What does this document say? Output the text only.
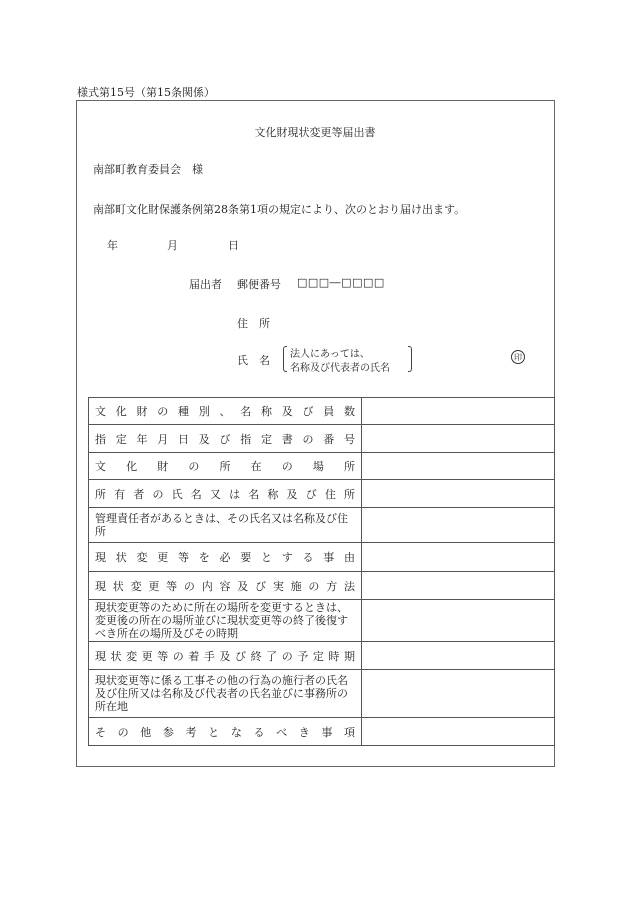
様式第15号（第15条関係）
文化財現状変更等届出書
南部町教育委員会　様
南部町文化財保護条例第28条第1項の規定により、次のとおり届け出ます。
年	月	日
届出者 郵便番号 □□□―□□□□
住　所
氏　名 法人にあっては、
名称及び代表者の氏名
印
文化財の種別、名称及び員数	
指定年月日及び指定書の番号	
文化財の所在の場所	
所有者の氏名又は名称及び住所	
管理責任者があるときは、その氏名又は名称及び住所	
現状変更等を必要とする事由	
現状変更等の内容及び実施の方法	
現状変更等のために所在の場所を変更するときは、変更後の所在の場所並びに現状変更等の終了後復すべき所在の場所及びその時期	
現状変更等の着手及び終了の予定時期	
現状変更等に係る工事その他の行為の施行者の氏名及び住所又は名称及び代表者の氏名並びに事務所の所在地	
その他参考となるべき事項	
